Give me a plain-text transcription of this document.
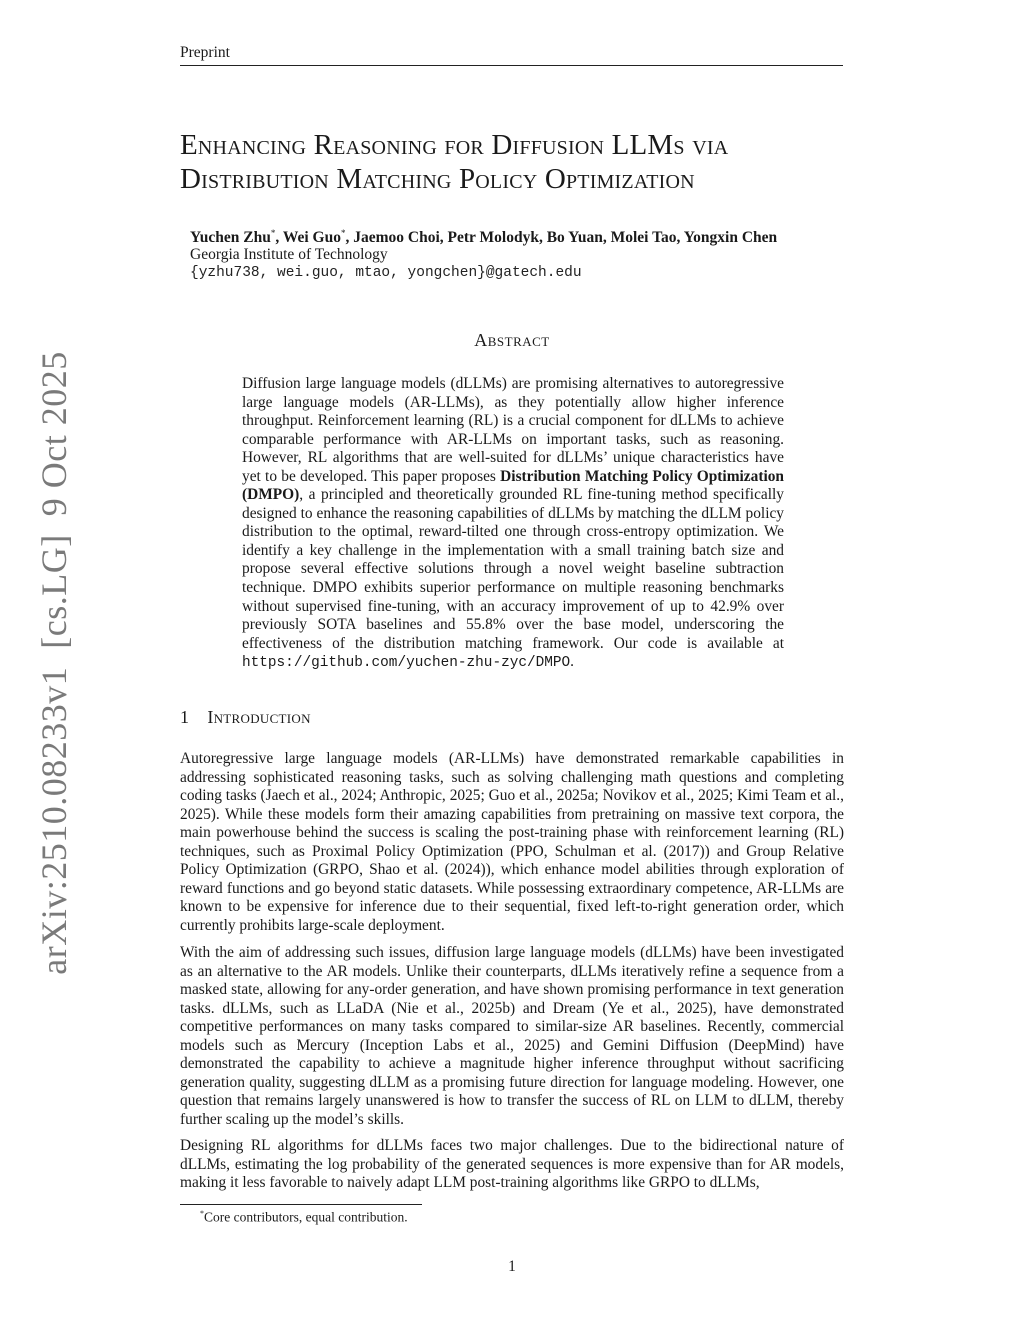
Preprint
Enhancing Reasoning for Diffusion LLMs via
Distribution Matching Policy Optimization
Yuchen Zhu*, Wei Guo*, Jaemoo Choi, Petr Molodyk, Bo Yuan, Molei Tao, Yongxin Chen
Georgia Institute of Technology
{yzhu738, wei.guo, mtao, yongchen}@gatech.edu
Abstract
Diffusion large language models (dLLMs) are promising alternatives to autoregressive large language models (AR-LLMs), as they potentially allow higher inference throughput. Reinforcement learning (RL) is a crucial component for dLLMs to achieve comparable performance with AR-LLMs on important tasks, such as reasoning. However, RL algorithms that are well-suited for dLLMs’ unique characteristics have yet to be developed. This paper proposes Distribution Matching Policy Optimization (DMPO), a principled and theoretically grounded RL fine-tuning method specifically designed to enhance the reasoning capabilities of dLLMs by matching the dLLM policy distribution to the optimal, reward-tilted one through cross-entropy optimization. We identify a key challenge in the implementation with a small training batch size and propose several effective solutions through a novel weight baseline subtraction technique. DMPO exhibits superior performance on multiple reasoning benchmarks without supervised fine-tuning, with an accuracy improvement of up to 42.9% over previously SOTA baselines and 55.8% over the base model, underscoring the effectiveness of the distribution matching framework. Our code is available at https://github.com/yuchen-zhu-zyc/DMPO.
1 Introduction
Autoregressive large language models (AR-LLMs) have demonstrated remarkable capabilities in addressing sophisticated reasoning tasks, such as solving challenging math questions and completing coding tasks (Jaech et al., 2024; Anthropic, 2025; Guo et al., 2025a; Novikov et al., 2025; Kimi Team et al., 2025). While these models form their amazing capabilities from pretraining on massive text corpora, the main powerhouse behind the success is scaling the post-training phase with reinforcement learning (RL) techniques, such as Proximal Policy Optimization (PPO, Schulman et al. (2017)) and Group Relative Policy Optimization (GRPO, Shao et al. (2024)), which enhance model abilities through exploration of reward functions and go beyond static datasets. While possessing extraordinary competence, AR-LLMs are known to be expensive for inference due to their sequential, fixed left-to-right generation order, which currently prohibits large-scale deployment.
With the aim of addressing such issues, diffusion large language models (dLLMs) have been investigated as an alternative to the AR models. Unlike their counterparts, dLLMs iteratively refine a sequence from a masked state, allowing for any-order generation, and have shown promising performance in text generation tasks. dLLMs, such as LLaDA (Nie et al., 2025b) and Dream (Ye et al., 2025), have demonstrated competitive performances on many tasks compared to similar-size AR baselines. Recently, commercial models such as Mercury (Inception Labs et al., 2025) and Gemini Diffusion (DeepMind) have demonstrated the capability to achieve a magnitude higher inference throughput without sacrificing generation quality, suggesting dLLM as a promising future direction for language modeling. However, one question that remains largely unanswered is how to transfer the success of RL on LLM to dLLM, thereby further scaling up the model’s skills.
Designing RL algorithms for dLLMs faces two major challenges. Due to the bidirectional nature of dLLMs, estimating the log probability of the generated sequences is more expensive than for AR models, making it less favorable to naively adapt LLM post-training algorithms like GRPO to dLLMs,
*Core contributors, equal contribution.
1
arXiv:2510.08233v1[cs.LG]9 Oct 2025
